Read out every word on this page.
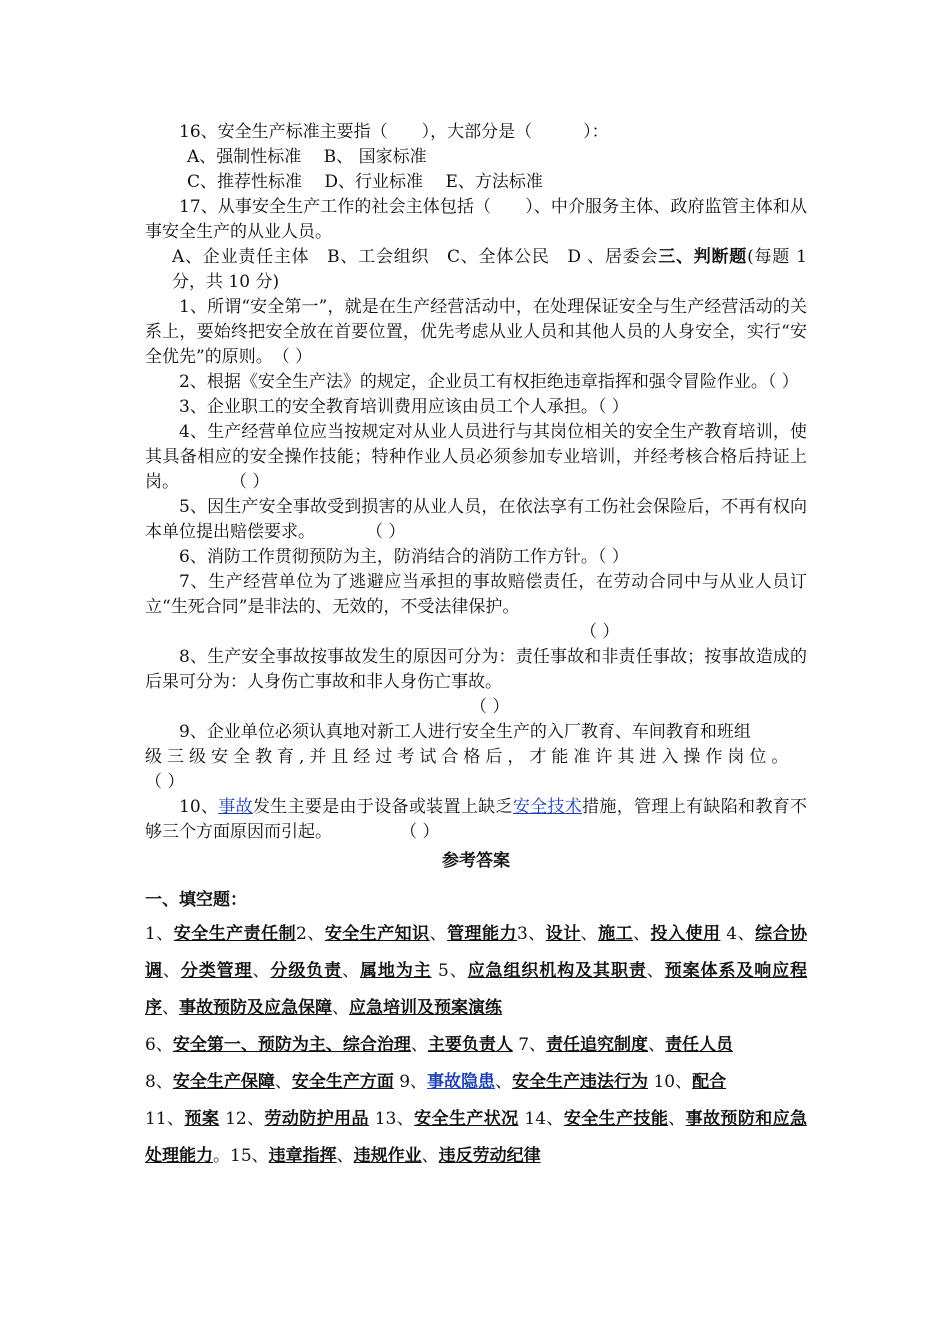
16、安全生产标准主要指（　　），大部分是（　　　）：

A、强制性标准　 B、 国家标准

C、推荐性标准　 D、行业标准　 E、方法标准

17、从事安全生产工作的社会主体包括（　　）、中介服务主体、政府监管主体和从事安全生产的从业人员。

A、企业责任主体　B、工会组织　C、全体公民　D 、居委会三、判断题(每题 1 分，共 10 分)

1、所谓“安全第一”，就是在生产经营活动中，在处理保证安全与生产经营活动的关系上，要始终把安全放在首要位置，优先考虑从业人员和其他人员的人身安全，实行“安全优先”的原则。　（ ）

2、根据《安全生产法》的规定，企业员工有权拒绝违章指挥和强令冒险作业。（ ）

3、企业职工的安全教育培训费用应该由员工个人承担。（ ）

4、生产经营单位应当按规定对从业人员进行与其岗位相关的安全生产教育培训，使其具备相应的安全操作技能；特种作业人员必须参加专业培训，并经考核合格后持证上岗。　　　　（ ）

5、因生产安全事故受到损害的从业人员，在依法享有工伤社会保险后，不再有权向本单位提出赔偿要求。　　　　（ ）

6、消防工作贯彻预防为主，防消结合的消防工作方针。（ ）

7、生产经营单位为了逃避应当承担的事故赔偿责任，在劳动合同中与从业人员订立“生死合同”是非法的、无效的，不受法律保护。

（ ）

8、生产安全事故按事故发生的原因可分为：责任事故和非责任事故；按事故造成的后果可分为：人身伤亡事故和非人身伤亡事故。

（ ）

9、企业单位必须认真地对新工人进行安全生产的入厂教育、车间教育和班组

级三级安全教育,并且经过考试合格后，才能准许其进入操作岗位。

（ ）

10、事故发生主要是由于设备或装置上缺乏安全技术措施，管理上有缺陷和教育不够三个方面原因而引起。　　　　　（ ）

参考答案

一、填空题：

1、安全生产责任制2、安全生产知识、管理能力3、设计、施工、投入使用 4、综合协调、分类管理、分级负责、属地为主 5、应急组织机构及其职责、预案体系及响应程序、事故预防及应急保障、应急培训及预案演练

6、安全第一、预防为主、综合治理、主要负责人 7、责任追究制度、责任人员

8、安全生产保障、安全生产方面 9、事故隐患、安全生产违法行为 10、配合

11、预案 12、劳动防护用品 13、安全生产状况 14、安全生产技能、事故预防和应急处理能力。15、违章指挥、违规作业、违反劳动纪律
